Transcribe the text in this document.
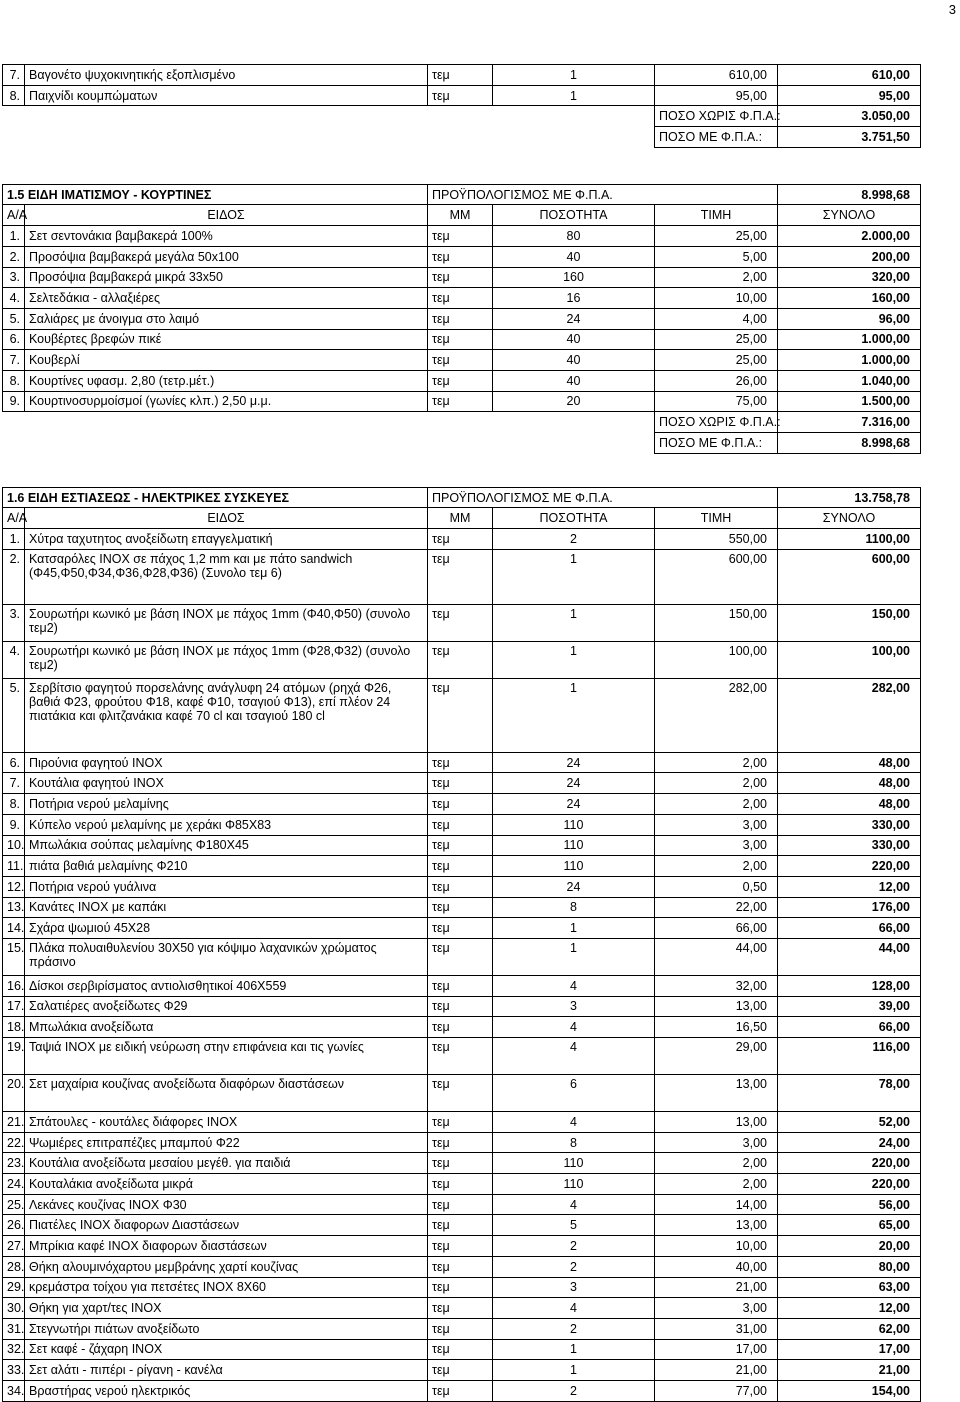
3
7.	Βαγονέτο ψυχοκινητικής εξοπλισμένο	τεμ	1	610,00	610,00
8.	Παιχνίδι κουμπώματων	τεμ	1	95,00	95,00
				ΠΟΣΟ ΧΩΡΙΣ Φ.Π.Α.:	3.050,00
				ΠΟΣΟ ΜΕ Φ.Π.Α.:	3.751,50

1.5 ΕΙΔΗ ΙΜΑΤΙΣΜΟΥ - ΚΟΥΡΤΙΝΕΣ		ΠΡΟΫΠΟΛΟΓΙΣΜΟΣ ΜΕ Φ.Π.Α.			8.998,68
Α/Α	ΕΙΔΟΣ	ΜΜ	ΠΟΣΟΤΗΤΑ	ΤΙΜΗ	ΣΥΝΟΛΟ
1.	Σετ σεντονάκια βαμβακερά 100%	τεμ	80	25,00	2.000,00
2.	Προσόψια βαμβακερά μεγάλα 50x100	τεμ	40	5,00	200,00
3.	Προσόψια βαμβακερά μικρά 33x50	τεμ	160	2,00	320,00
4.	Σελτεδάκια - αλλαξιέρες	τεμ	16	10,00	160,00
5.	Σαλιάρες με άνοιγμα στο λαιμό	τεμ	24	4,00	96,00
6.	Κουβέρτες βρεφών πικέ	τεμ	40	25,00	1.000,00
7.	Κουβερλί	τεμ	40	25,00	1.000,00
8.	Κουρτίνες υφασμ. 2,80 (τετρ.μέτ.)	τεμ	40	26,00	1.040,00
9.	Κουρτινοσυρμοίσμοί (γωνίες κλπ.) 2,50 μ.μ.	τεμ	20	75,00	1.500,00
				ΠΟΣΟ ΧΩΡΙΣ Φ.Π.Α.:	7.316,00
				ΠΟΣΟ ΜΕ Φ.Π.Α.:	8.998,68

1.6 ΕΙΔΗ ΕΣΤΙΑΣΕΩΣ - ΗΛΕΚΤΡΙΚΕΣ ΣΥΣΚΕΥΕΣ		ΠΡΟΫΠΟΛΟΓΙΣΜΟΣ ΜΕ Φ.Π.Α.			13.758,78
Α/Α	ΕΙΔΟΣ	ΜΜ	ΠΟΣΟΤΗΤΑ	ΤΙΜΗ	ΣΥΝΟΛΟ
1.	Χύτρα ταχυτητος ανοξείδωτη επαγγελματική	τεμ	2	550,00	1100,00
2.	Κατσαρόλες INOX σε πάχος 1,2 mm και με πάτο sandwich (Φ45,Φ50,Φ34,Φ36,Φ28,Φ36) (Συνολο τεμ 6)	τεμ	1	600,00	600,00
3.	Σουρωτήρι κωνικό με βάση INOX με πάχος 1mm (Φ40,Φ50) (συνολο τεμ2)	τεμ	1	150,00	150,00
4.	Σουρωτήρι κωνικό με βάση INOX με πάχος 1mm (Φ28,Φ32) (συνολο τεμ2)	τεμ	1	100,00	100,00
5.	Σερβίτσιο φαγητού πορσελάνης ανάγλυφη 24 ατόμων (ρηχά Φ26, βαθιά Φ23, φρούτου Φ18, καφέ Φ10, τσαγιού Φ13), επί πλέον 24 πιατάκια και φλιτζανάκια καφέ 70 cl και τσαγιού 180 cl	τεμ	1	282,00	282,00
6.	Πιρούνια φαγητού INOX	τεμ	24	2,00	48,00
7.	Κουτάλια φαγητού INOX	τεμ	24	2,00	48,00
8.	Ποτήρια νερού μελαμίνης	τεμ	24	2,00	48,00
9.	Κύπελο νερού μελαμίνης με χεράκι Φ85Χ83	τεμ	110	3,00	330,00
10.	Μπωλάκια σούπας μελαμίνης Φ180Χ45	τεμ	110	3,00	330,00
11.	πιάτα βαθιά μελαμίνης Φ210	τεμ	110	2,00	220,00
12.	Ποτήρια νερού γυάλινα	τεμ	24	0,50	12,00
13.	Κανάτες INOX με καπάκι	τεμ	8	22,00	176,00
14.	Σχάρα ψωμιού 45Χ28	τεμ	1	66,00	66,00
15.	Πλάκα πολυαιθυλενίου 30Χ50 για κόψιμο λαχανικών χρώματος πράσινο	τεμ	1	44,00	44,00
16.	Δίσκοι σερβιρίσματος αντιολισθητικοί 406Χ559	τεμ	4	32,00	128,00
17.	Σαλατιέρες ανοξείδωτες Φ29	τεμ	3	13,00	39,00
18.	Μπωλάκια ανοξείδωτα	τεμ	4	16,50	66,00
19.	Ταψιά INOX με ειδική νεύρωση στην επιφάνεια και τις γωνίες	τεμ	4	29,00	116,00
20.	Σετ μαχαίρια κουζίνας ανοξείδωτα διαφόρων διαστάσεων	τεμ	6	13,00	78,00
21.	Σπάτουλες - κουτάλες διάφορες INOX	τεμ	4	13,00	52,00
22.	Ψωμιέρες επιτραπέζιες μπαμπού Φ22	τεμ	8	3,00	24,00
23.	Κουτάλια ανοξείδωτα μεσαίου μεγέθ. για παιδιά	τεμ	110	2,00	220,00
24.	Κουταλάκια ανοξείδωτα μικρά	τεμ	110	2,00	220,00
25.	Λεκάνες κουζίνας INOX Φ30	τεμ	4	14,00	56,00
26.	Πιατέλες INOX διαφορων Διαστάσεων	τεμ	5	13,00	65,00
27.	Μπρίκια καφέ INOX διαφορων διαστάσεων	τεμ	2	10,00	20,00
28.	Θήκη αλουμινόχαρτου μεμβράνης χαρτί κουζίνας	τεμ	2	40,00	80,00
29.	κρεμάστρα τοίχου για πετσέτες INOX 8Χ60	τεμ	3	21,00	63,00
30.	Θήκη για χαρτ/τες INOX	τεμ	4	3,00	12,00
31.	Στεγνωτήρι πιάτων ανοξείδωτο	τεμ	2	31,00	62,00
32.	Σετ καφέ - ζάχαρη INOX	τεμ	1	17,00	17,00
33.	Σετ αλάτι - πιπέρι - ρίγανη - κανέλα	τεμ	1	21,00	21,00
34.	Βραστήρας νερού ηλεκτρικός	τεμ	2	77,00	154,00
